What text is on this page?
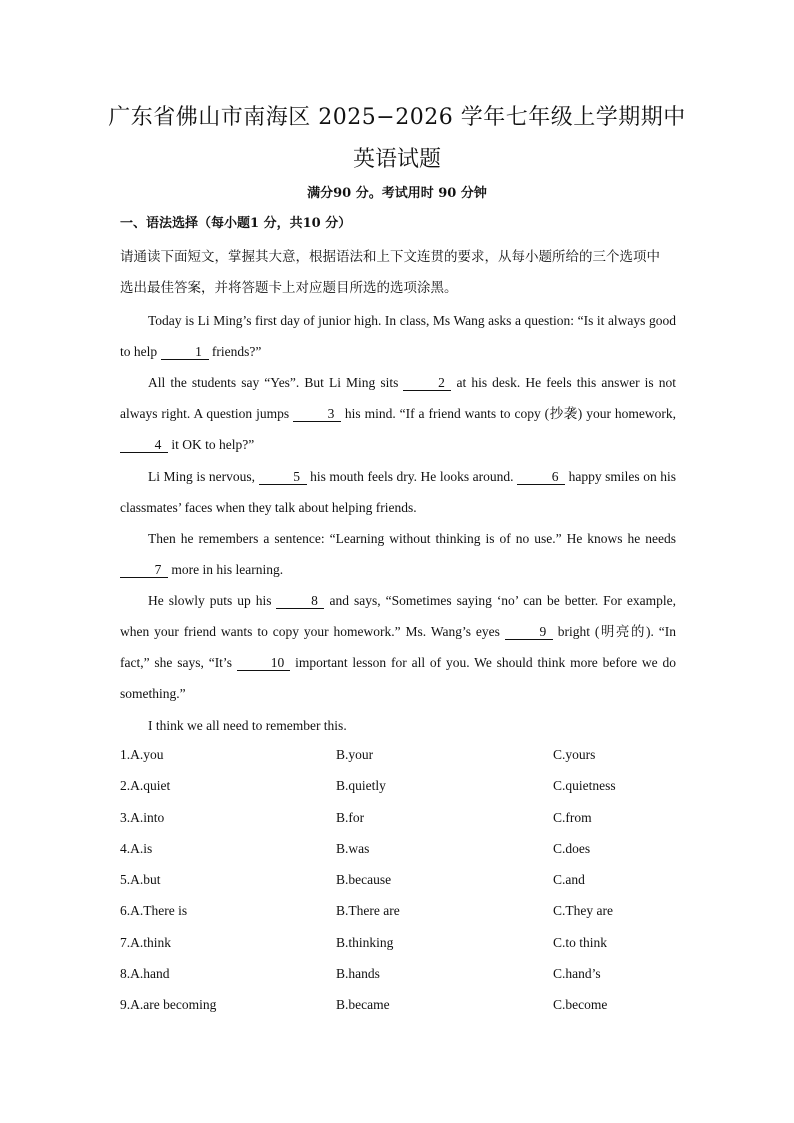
广东省佛山市南海区 2025−2026 学年七年级上学期期中
英语试题
满分90 分。考试用时 90 分钟
一、语法选择（每小题1 分，共10 分）
请通读下面短文，掌握其大意，根据语法和上下文连贯的要求，从每小题所给的三个选项中
选出最佳答案，并将答题卡上对应题目所选的选项涂黑。
Today is Li Ming’s first day of junior high. In class, Ms Wang asks a question: “Is it always good to help	1 friends?”
All the students say “Yes”. But Li Ming sits	2 at his desk. He feels this answer is not always right. A question jumps	3 his mind. “If a friend wants to copy (抄袭) your homework, 4 it OK to help?”
Li Ming is nervous,	5 his mouth feels dry. He looks around.	6 happy smiles on his classmates’ faces when they talk about helping friends.
Then he remembers a sentence: “Learning without thinking is of no use.” He knows he needs 7 more in his learning.
He slowly puts up his	8 and says, “Sometimes saying ‘no’ can be better. For example, when your friend wants to copy your homework.” Ms. Wang’s eyes	9 bright (明亮的). “In fact,” she says, “It’s	10 important lesson for all of you. We should think more before we do something.”
I think we all need to remember this.
1.A.you	B.your	C.yours
2.A.quiet	B.quietly	C.quietness
3.A.into	B.for	C.from
4.A.is	B.was	C.does
5.A.but	B.because	C.and
6.A.There is	B.There are	C.They are
7.A.think	B.thinking	C.to think
8.A.hand	B.hands	C.hand’s
9.A.are becoming	B.became	C.become
